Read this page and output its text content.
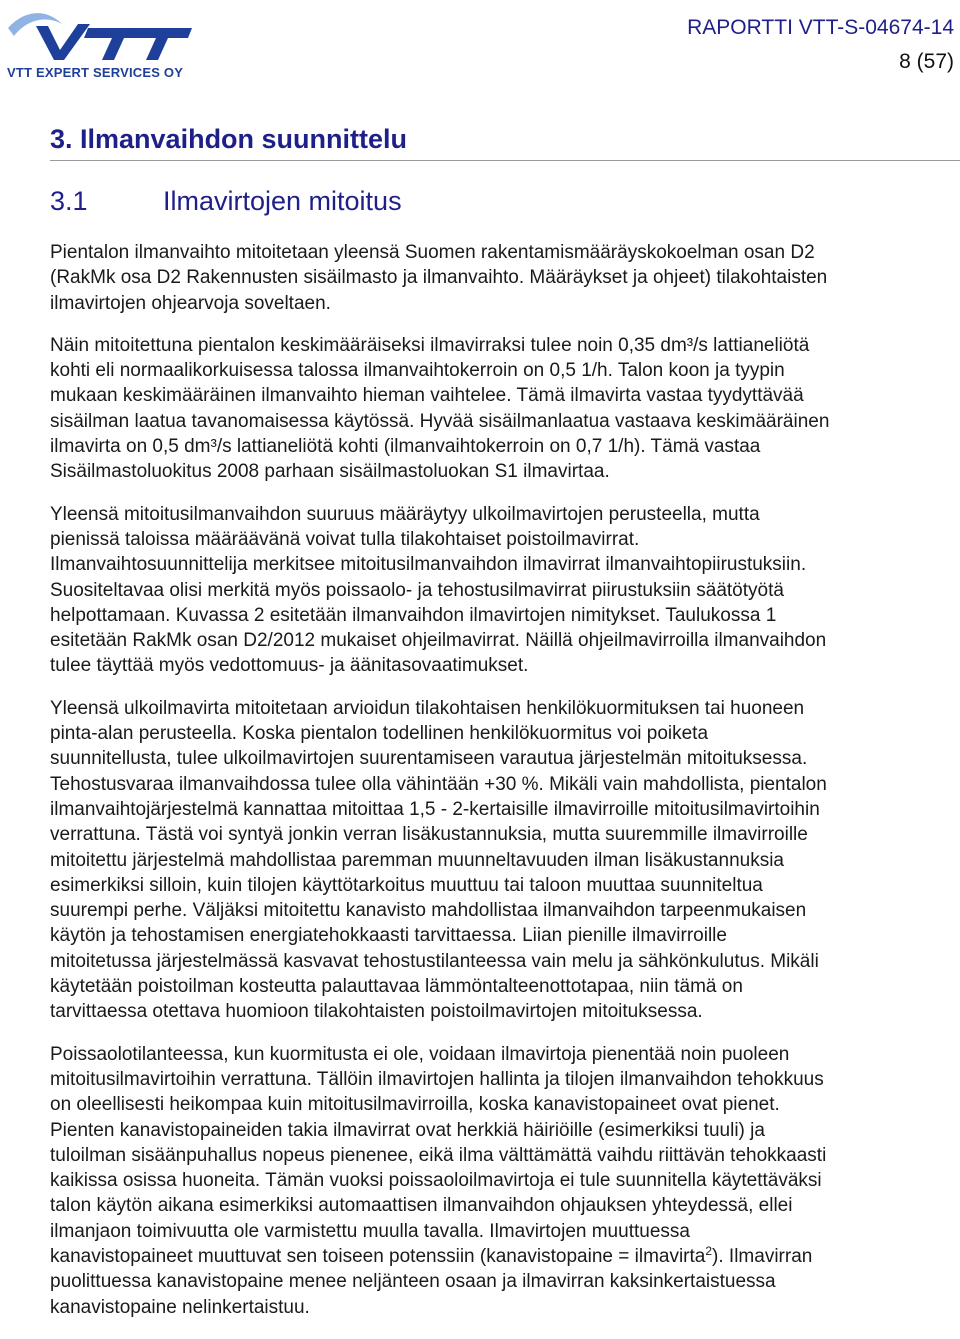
VTT EXPERT SERVICES OY
RAPORTTI VTT-S-04674-14
8 (57)
3. Ilmanvaihdon suunnittelu
3.1	Ilmavirtojen mitoitus

Pientalon ilmanvaihto mitoitetaan yleensä Suomen rakentamismääräyskokoelman osan D2
(RakMk osa D2 Rakennusten sisäilmasto ja ilmanvaihto. Määräykset ja ohjeet) tilakohtaisten
ilmavirtojen ohjearvoja soveltaen.

Näin mitoitettuna pientalon keskimääräiseksi ilmavirraksi tulee noin 0,35 dm³/s lattianeliötä
kohti eli normaalikorkuisessa talossa ilmanvaihtokerroin on 0,5 1/h. Talon koon ja tyypin
mukaan keskimääräinen ilmanvaihto hieman vaihtelee. Tämä ilmavirta vastaa tyydyttävää
sisäilman laatua tavanomaisessa käytössä. Hyvää sisäilmanlaatua vastaava keskimääräinen
ilmavirta on 0,5 dm³/s lattianeliötä kohti (ilmanvaihtokerroin on 0,7 1/h). Tämä vastaa
Sisäilmastoluokitus 2008 parhaan sisäilmastoluokan S1 ilmavirtaa.

Yleensä mitoitusilmanvaihdon suuruus määräytyy ulkoilmavirtojen perusteella, mutta
pienissä taloissa määräävänä voivat tulla tilakohtaiset poistoilmavirrat.
Ilmanvaihtosuunnittelija merkitsee mitoitusilmanvaihdon ilmavirrat ilmanvaihtopiirustuksiin.
Suositeltavaa olisi merkitä myös poissaolo- ja tehostusilmavirrat piirustuksiin säätötyötä
helpottamaan. Kuvassa 2 esitetään ilmanvaihdon ilmavirtojen nimitykset. Taulukossa 1
esitetään RakMk osan D2/2012 mukaiset ohjeilmavirrat. Näillä ohjeilmavirroilla ilmanvaihdon
tulee täyttää myös vedottomuus- ja äänitasovaatimukset.

Yleensä ulkoilmavirta mitoitetaan arvioidun tilakohtaisen henkilökuormituksen tai huoneen
pinta-alan perusteella. Koska pientalon todellinen henkilökuormitus voi poiketa
suunnitellusta, tulee ulkoilmavirtojen suurentamiseen varautua järjestelmän mitoituksessa.
Tehostusvaraa ilmanvaihdossa tulee olla vähintään +30 %. Mikäli vain mahdollista, pientalon
ilmanvaihtojärjestelmä kannattaa mitoittaa 1,5 - 2-kertaisille ilmavirroille mitoitusilmavirtoihin
verrattuna. Tästä voi syntyä jonkin verran lisäkustannuksia, mutta suuremmille ilmavirroille
mitoitettu järjestelmä mahdollistaa paremman muunneltavuuden ilman lisäkustannuksia
esimerkiksi silloin, kuin tilojen käyttötarkoitus muuttuu tai taloon muuttaa suunniteltua
suurempi perhe. Väljäksi mitoitettu kanavisto mahdollistaa ilmanvaihdon tarpeenmukaisen
käytön ja tehostamisen energiatehokkaasti tarvittaessa. Liian pienille ilmavirroille
mitoitetussa järjestelmässä kasvavat tehostustilanteessa vain melu ja sähkönkulutus. Mikäli
käytetään poistoilman kosteutta palauttavaa lämmöntalteenottotapaa, niin tämä on
tarvittaessa otettava huomioon tilakohtaisten poistoilmavirtojen mitoituksessa.

Poissaolotilanteessa, kun kuormitusta ei ole, voidaan ilmavirtoja pienentää noin puoleen
mitoitusilmavirtoihin verrattuna. Tällöin ilmavirtojen hallinta ja tilojen ilmanvaihdon tehokkuus
on oleellisesti heikompaa kuin mitoitusilmavirroilla, koska kanavistopaineet ovat pienet.
Pienten kanavistopaineiden takia ilmavirrat ovat herkkiä häiriöille (esimerkiksi tuuli) ja
tuloilman sisäänpuhallus nopeus pienenee, eikä ilma välttämättä vaihdu riittävän tehokkaasti
kaikissa osissa huoneita. Tämän vuoksi poissaoloilmavirtoja ei tule suunnitella käytettäväksi
talon käytön aikana esimerkiksi automaattisen ilmanvaihdon ohjauksen yhteydessä, ellei
ilmanjaon toimivuutta ole varmistettu muulla tavalla. Ilmavirtojen muuttuessa
kanavistopaineet muuttuvat sen toiseen potenssiin (kanavistopaine = ilmavirta$^2$). Ilmavirran
puolittuessa kanavistopaine menee neljänteen osaan ja ilmavirran kaksinkertaistuessa
kanavistopaine nelinkertaistuu.
